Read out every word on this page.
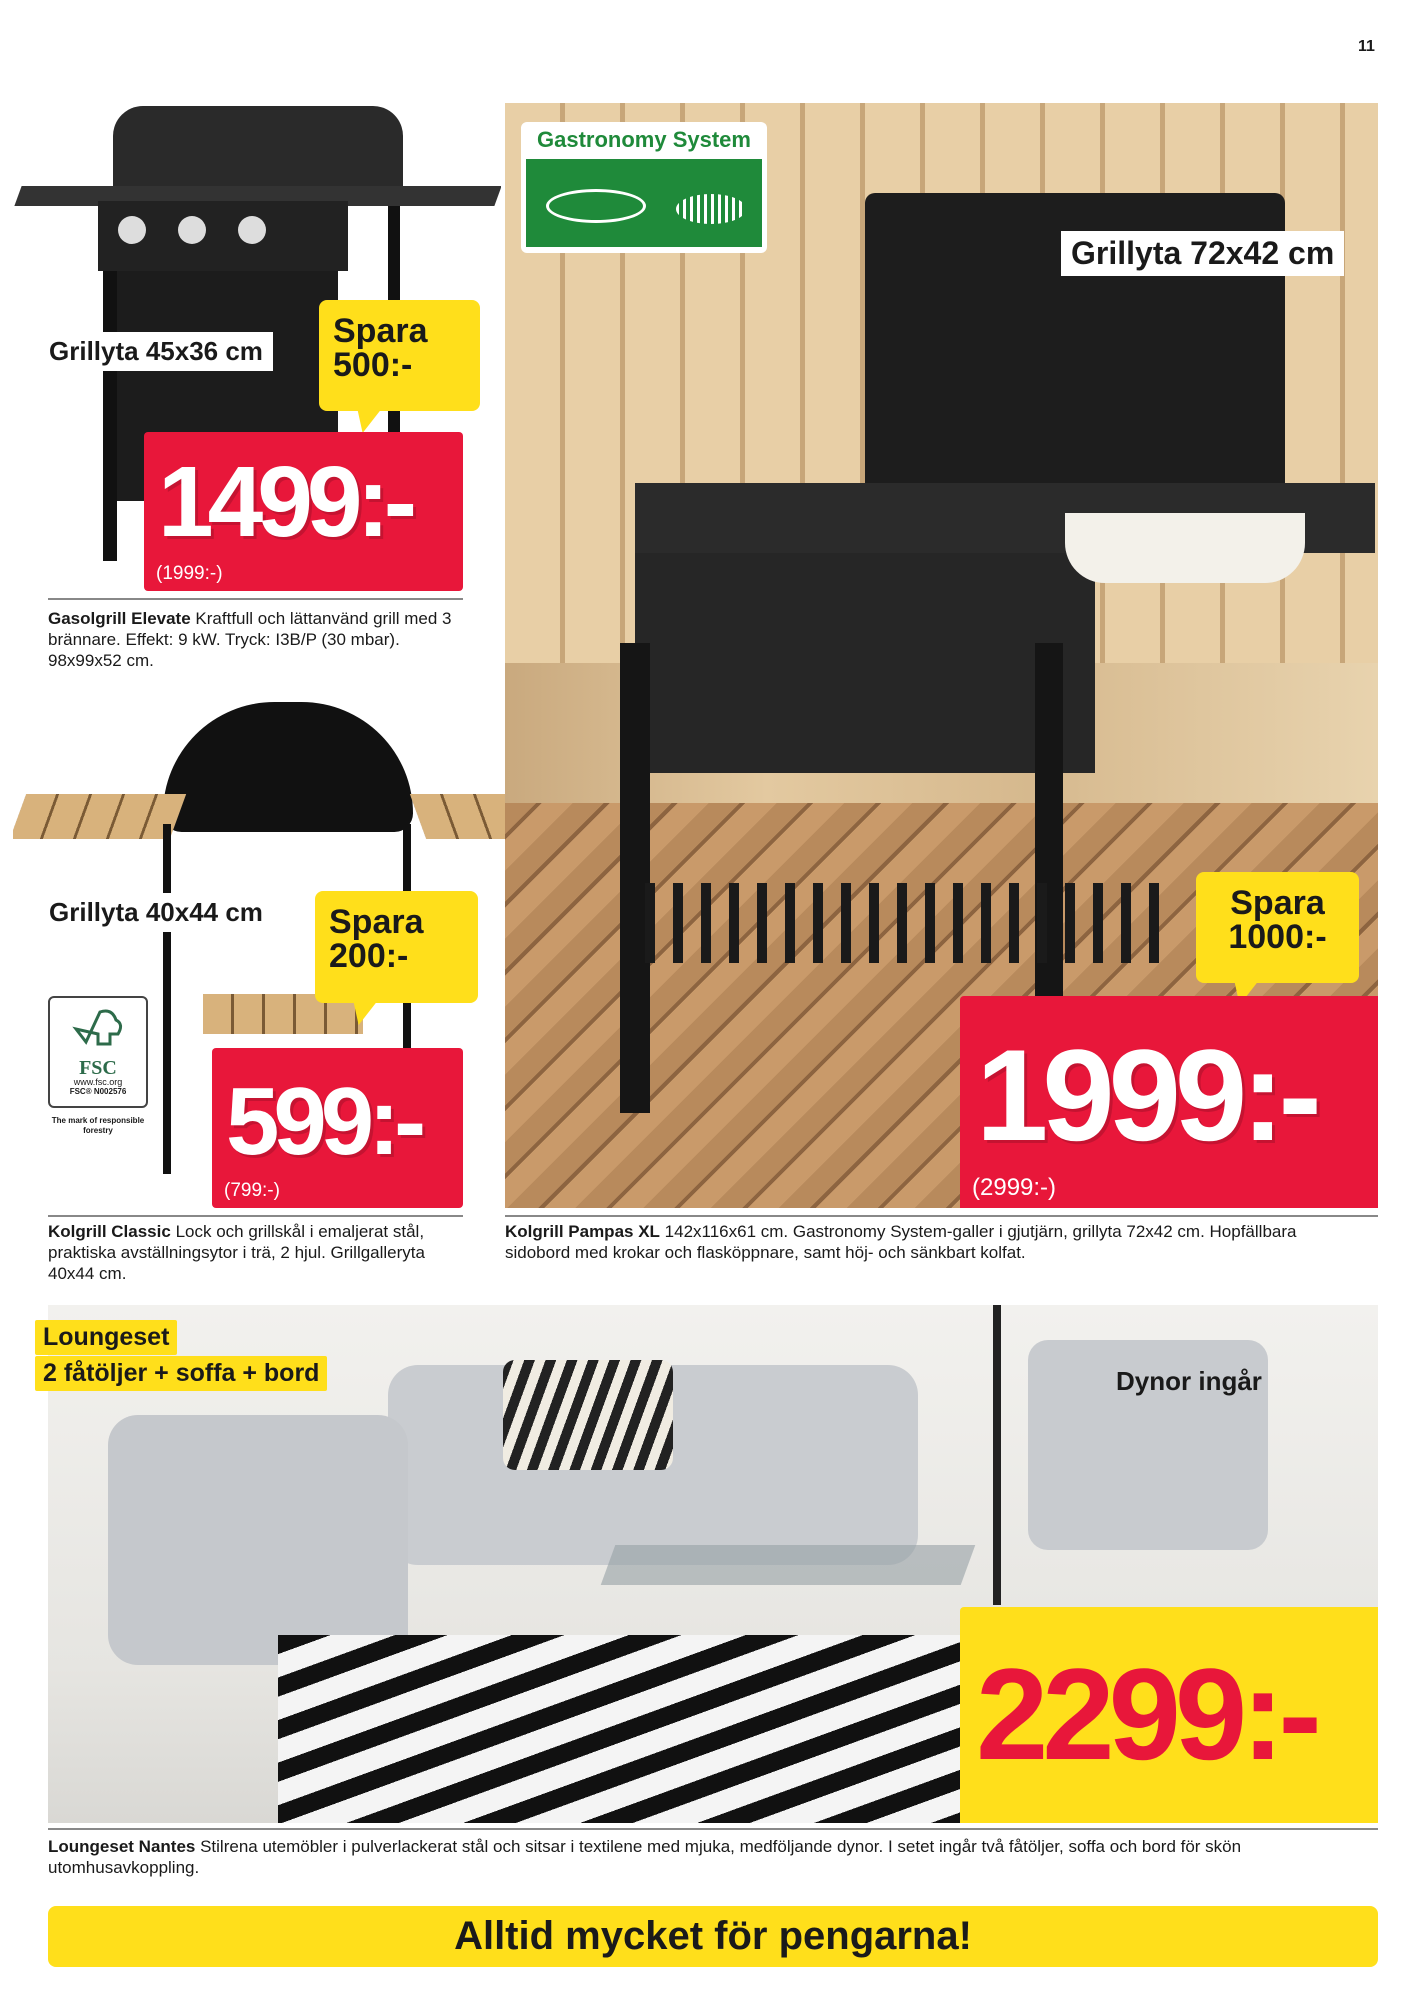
11
Grillyta 45x36 cm
Spara
500:-
1499:-
(1999:-)
Gasolgrill Elevate Kraftfull och lättanvänd grill med 3 brännare. Effekt: 9 kW. Tryck: I3B/P (30 mbar). 98x99x52 cm.
Grillyta 40x44 cm Spara
200:-
FSC
www.fsc.org
FSC® N002576
The mark of responsible forestry	599:-
(799:-)
Kolgrill Classic Lock och grillskål i emaljerat stål, praktiska avställningsytor i trä, 2 hjul. Grillgalleryta 40x44 cm.
Gastronomy System
Grillyta 72x42 cm
Spara
1000:-
1999:-
(2999:-)
Kolgrill Pampas XL 142x116x61 cm. Gastronomy System-galler i gjutjärn, grillyta 72x42 cm. Hopfällbara sidobord med krokar och flasköppnare, samt höj- och sänkbart kolfat.
Loungeset
2 fåtöljer + soffa + bord	Dynor ingår
2299:-
Loungeset Nantes Stilrena utemöbler i pulverlackerat stål och sitsar i textilene med mjuka, medföljande dynor. I setet ingår två fåtöljer, soffa och bord för skön utomhusavkoppling.
Alltid mycket för pengarna!
